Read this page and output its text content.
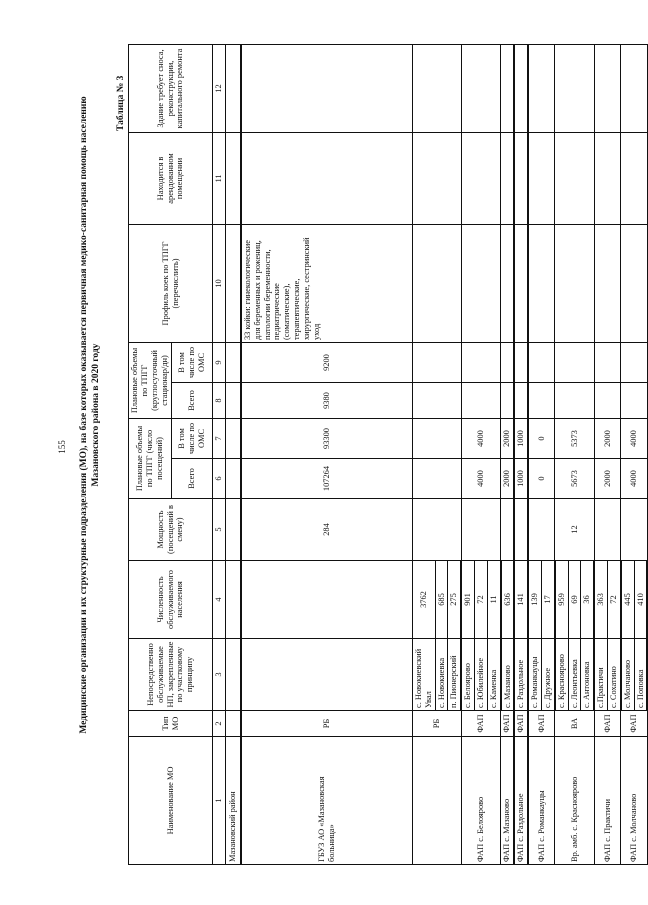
155 Медицинские организации и их структурные подразделения (МО), на базе которых оказывается первичная медико-санитарная помощь населению Мазановского района в 2020 году
Таблица № 3
Наименование МО	Тип МО	Непосредственно обслуживаемые НП, закрепленные по участковому принципу	Численность обслуживаемого населения	Мощность (посещений в смену)	Плановые объемы по ТПГГ (число посещений)		Плановые объемы по ТПГГ (круглосуточный стационар/дн)		Профиль коек по ТПГГ (перечислить)	Находится в арендованном помещении	Здание требует сноса, реконструкции, капитального ремонта
					Всего	В том числе по ОМС	Всего	В том числе по ОМС			
1	2	3	4	5	6	7	8	9	10	11	12
Мазановский район											
ГБУЗ АО «Мазановская больница»	РБ			284	107264	93300	9380	9200	33 койки: гинекологические для беременных и рожениц, патологии беременности, педиатрические (соматические), терапевтические, хирургические, сестринский уход		
	РБ	с. Новокиевский Увал	3762								
		с. Новокиевка	685								
		п. Пионерский	275								
ФАП с. Белоярово	ФАП	с. Белоярово	901		4000	4000					
		с. Юбилейное	72								
		с. Каменка	11								
ФАП с. Мазаново	ФАП	с. Мазаново	636		2000	2000					
ФАП с. Раздольное	ФАП	с. Раздольное	141		1000	1000					
ФАП с. Романкауцы	ФАП	с. Романкауцы	139		0	0					
		с. Дружное	17								
Вр. амб. с. Красноярово	ВА	с. Красноярово	959	12	5673	5373					
		с. Леонтьевка	69								
		с. Антоновка	36								
ФАП с. Практичи	ФАП	с.Практичи	363		2000	2000					
		с. Сохатино	72								
ФАП с. Молчаново	ФАП	с. Молчаново	445		4000	4000					
		с. Поповка	410								
